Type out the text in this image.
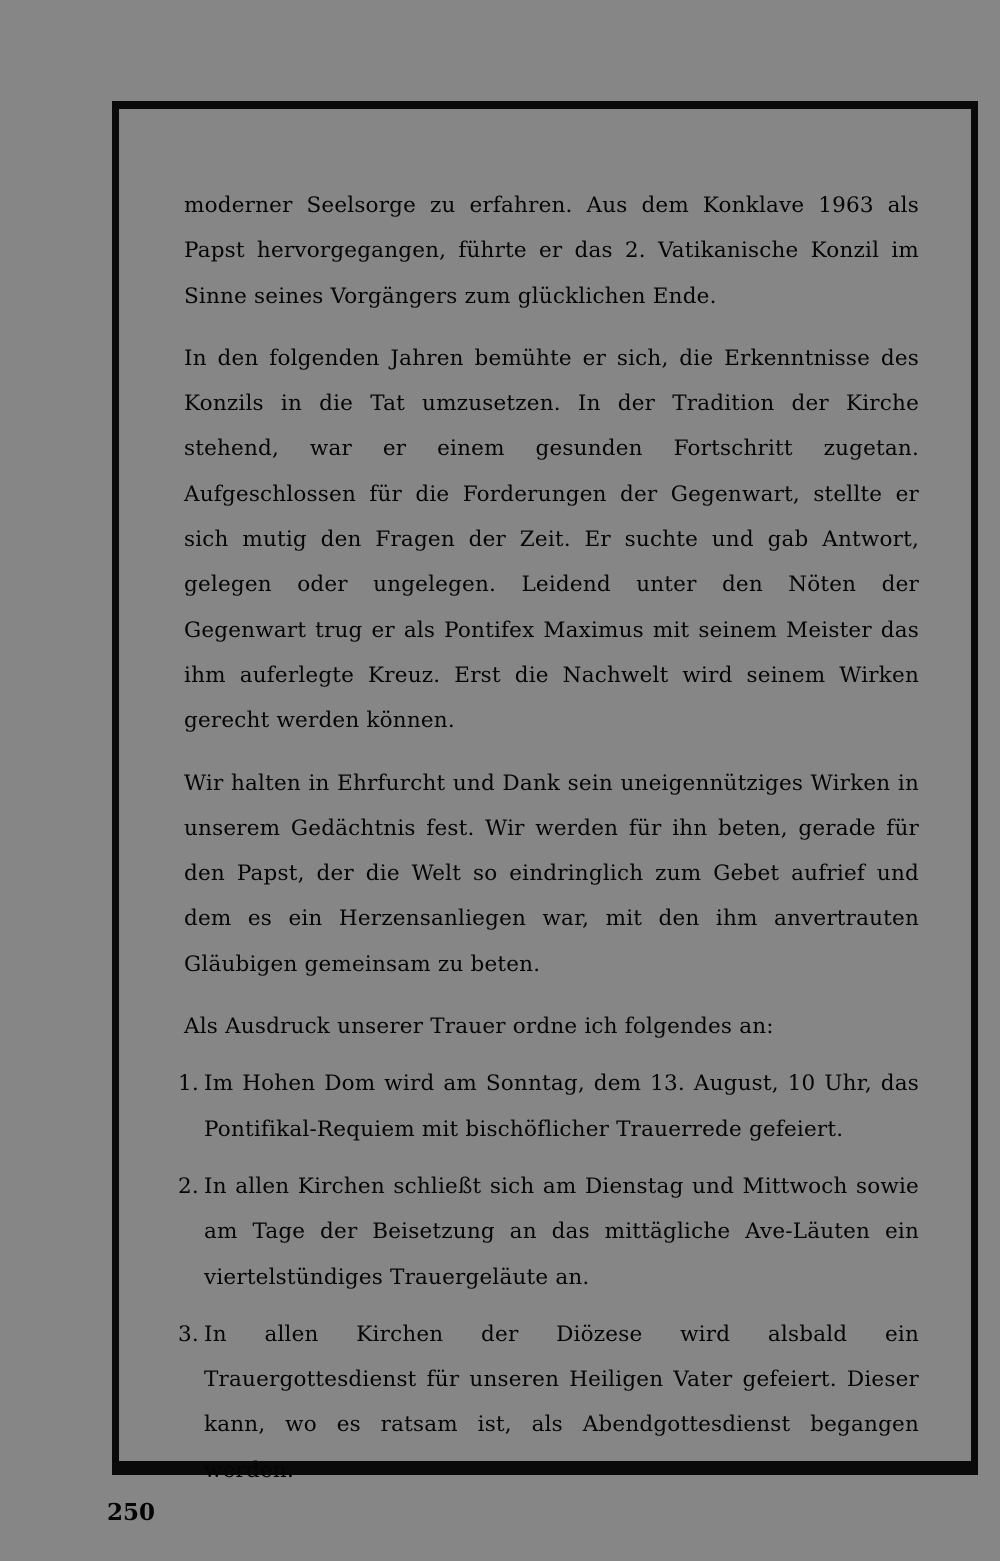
moderner Seelsorge zu erfahren. Aus dem Konklave 1963 als Papst hervorgegangen, führte er das 2. Vatikanische Konzil im Sinne seines Vorgängers zum glücklichen Ende.

In den folgenden Jahren bemühte er sich, die Erkenntnisse des Konzils in die Tat umzusetzen. In der Tradition der Kirche stehend, war er einem gesunden Fortschritt zugetan. Aufgeschlossen für die Forderungen der Gegenwart, stellte er sich mutig den Fragen der Zeit. Er suchte und gab Antwort, gelegen oder ungelegen. Leidend unter den Nöten der Gegenwart trug er als Pontifex Maximus mit seinem Meister das ihm auferlegte Kreuz. Erst die Nachwelt wird seinem Wirken gerecht werden können.

Wir halten in Ehrfurcht und Dank sein uneigennütziges Wirken in unserem Gedächtnis fest. Wir werden für ihn beten, gerade für den Papst, der die Welt so eindringlich zum Gebet aufrief und dem es ein Herzensanliegen war, mit den ihm anvertrauten Gläubigen gemeinsam zu beten.

Als Ausdruck unserer Trauer ordne ich folgendes an:

1. Im Hohen Dom wird am Sonntag, dem 13. August, 10 Uhr, das Pontifikal-Requiem mit bischöflicher Trauerrede gefeiert.
2. In allen Kirchen schließt sich am Dienstag und Mittwoch sowie am Tage der Beisetzung an das mittägliche Ave-Läuten ein viertelstündiges Trauergeläute an.
3. In allen Kirchen der Diözese wird alsbald ein Trauergottesdienst für unseren Heiligen Vater gefeiert. Dieser kann, wo es ratsam ist, als Abendgottesdienst begangen werden.
250
